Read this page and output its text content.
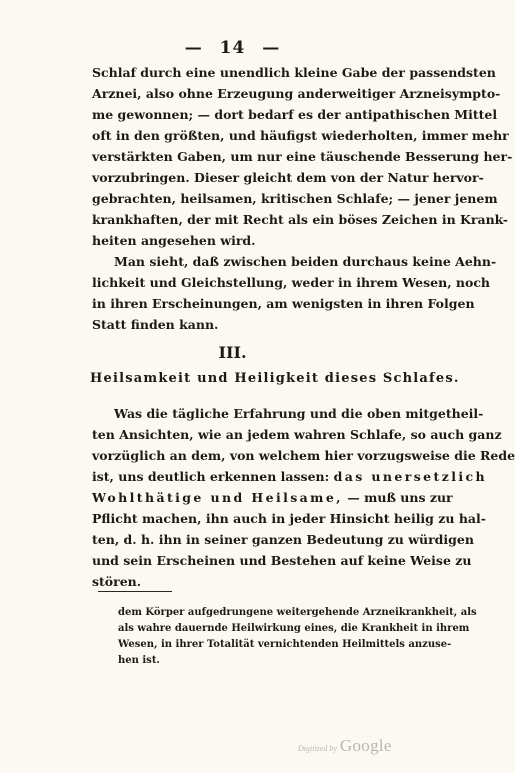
— 14 —
Schlaf durch eine unendlich kleine Gabe der passendsten
Arznei, also ohne Erzeugung anderweitiger Arzneisympto-
me gewonnen; — dort bedarf es der antipathischen Mittel
oft in den größten, und häufigst wiederholten, immer mehr
verstärkten Gaben, um nur eine täuschende Besserung her-
vorzubringen. Dieser gleicht dem von der Natur hervor-
gebrachten, heilsamen, kritischen Schlafe; — jener jenem
krankhaften, der mit Recht als ein böses Zeichen in Krank-
heiten angesehen wird.
Man sieht, daß zwischen beiden durchaus keine Aehn-
lichkeit und Gleichstellung, weder in ihrem Wesen, noch
in ihren Erscheinungen, am wenigsten in ihren Folgen
Statt finden kann.
III.
Heilsamkeit und Heiligkeit dieses Schlafes.
Was die tägliche Erfahrung und die oben mitgetheil-
ten Ansichten, wie an jedem wahren Schlafe, so auch ganz
vorzüglich an dem, von welchem hier vorzugsweise die Rede
ist, uns deutlich erkennen lassen: das unersetzlich
Wohlthätige und Heilsame, — muß uns zur
Pflicht machen, ihn auch in jeder Hinsicht heilig zu hal-
ten, d. h. ihn in seiner ganzen Bedeutung zu würdigen
und sein Erscheinen und Bestehen auf keine Weise zu
stören.
dem Körper aufgedrungene weitergehende Arzneikrankheit, als
als wahre dauernde Heilwirkung eines, die Krankheit in ihrem
Wesen, in ihrer Totalität vernichtenden Heilmittels anzuse-
hen ist.
Digitized by Google
